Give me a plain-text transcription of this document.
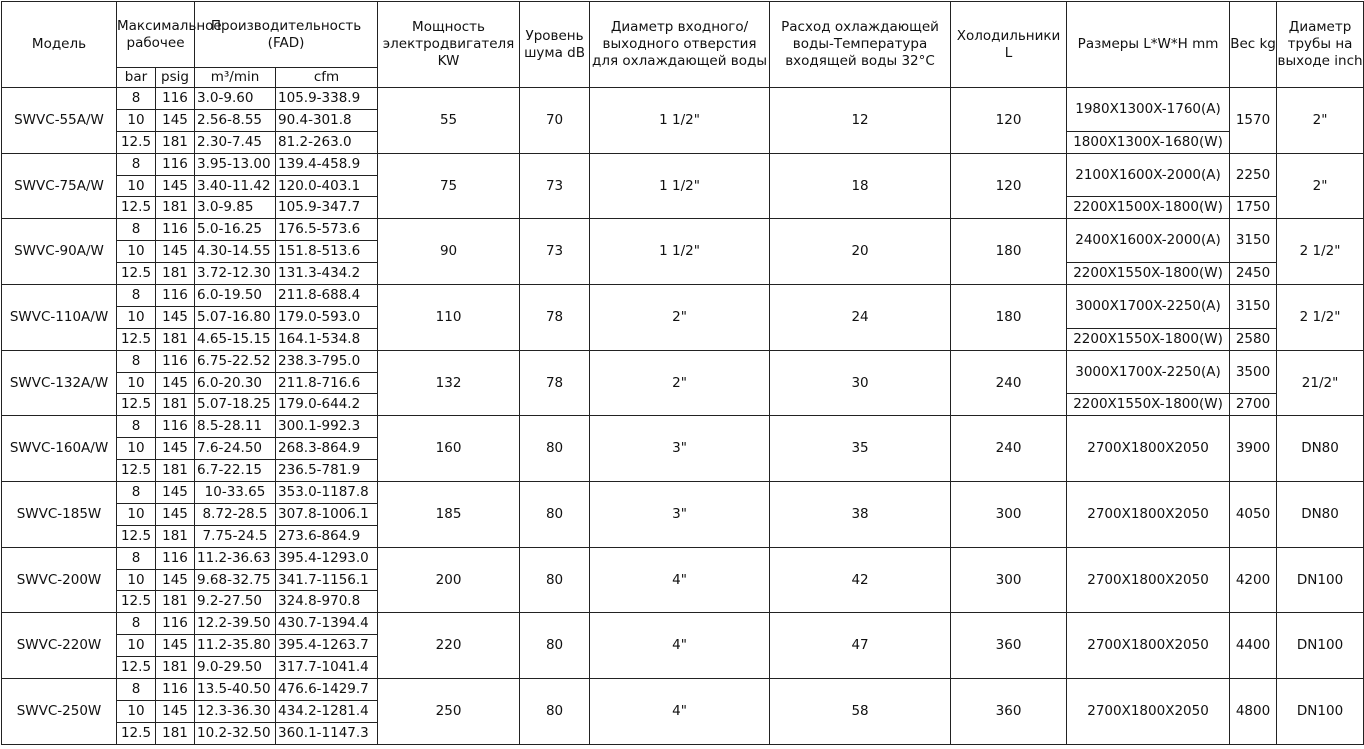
Модель	Максимальное рабочее		Производительность (FAD)		Мощность электродвигателя KW	Уровень шума dB	Диаметр входного/выходного отверстия для охлаждающей воды	Расход охлаждающей воды-Температура входящей воды 32°C	Холодильники L	Размеры L*W*H mm	Вес kg	Диаметр трубы на выходе inch
	bar	psig	m³/min	cfm								
SWVC-55A/W	8	116	3.0-9.60	105.9-338.9	55	70	1 1/2"	12	120	1980X1300X-1760(A)	1570	2"
	10	145	2.56-8.55	90.4-301.8								
	12.5	181	2.30-7.45	81.2-263.0						1800X1300X-1680(W)		
SWVC-75A/W	8	116	3.95-13.00	139.4-458.9	75	73	1 1/2"	18	120	2100X1600X-2000(A)	2250	2"
	10	145	3.40-11.42	120.0-403.1								
	12.5	181	3.0-9.85	105.9-347.7						2200X1500X-1800(W)	1750	
SWVC-90A/W	8	116	5.0-16.25	176.5-573.6	90	73	1 1/2"	20	180	2400X1600X-2000(A)	3150	2 1/2"
	10	145	4.30-14.55	151.8-513.6								
	12.5	181	3.72-12.30	131.3-434.2						2200X1550X-1800(W)	2450	
SWVC-110A/W	8	116	6.0-19.50	211.8-688.4	110	78	2"	24	180	3000X1700X-2250(A)	3150	2 1/2"
	10	145	5.07-16.80	179.0-593.0								
	12.5	181	4.65-15.15	164.1-534.8						2200X1550X-1800(W)	2580	
SWVC-132A/W	8	116	6.75-22.52	238.3-795.0	132	78	2"	30	240	3000X1700X-2250(A)	3500	21/2"
	10	145	6.0-20.30	211.8-716.6								
	12.5	181	5.07-18.25	179.0-644.2						2200X1550X-1800(W)	2700	
SWVC-160A/W	8	116	8.5-28.11	300.1-992.3	160	80	3"	35	240	2700X1800X2050	3900	DN80
	10	145	7.6-24.50	268.3-864.9								
	12.5	181	6.7-22.15	236.5-781.9								
SWVC-185W	8	145	10-33.65	353.0-1187.8	185	80	3"	38	300	2700X1800X2050	4050	DN80
	10	145	8.72-28.5	307.8-1006.1								
	12.5	181	7.75-24.5	273.6-864.9								
SWVC-200W	8	116	11.2-36.63	395.4-1293.0	200	80	4"	42	300	2700X1800X2050	4200	DN100
	10	145	9.68-32.75	341.7-1156.1								
	12.5	181	9.2-27.50	324.8-970.8								
SWVC-220W	8	116	12.2-39.50	430.7-1394.4	220	80	4"	47	360	2700X1800X2050	4400	DN100
	10	145	11.2-35.80	395.4-1263.7								
	12.5	181	9.0-29.50	317.7-1041.4								
SWVC-250W	8	116	13.5-40.50	476.6-1429.7	250	80	4"	58	360	2700X1800X2050	4800	DN100
	10	145	12.3-36.30	434.2-1281.4								
	12.5	181	10.2-32.50	360.1-1147.3								
